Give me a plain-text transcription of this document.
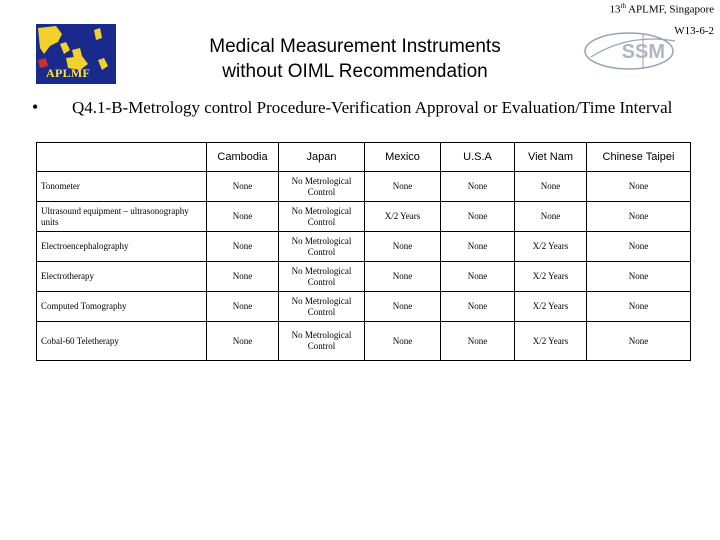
13th APLMF, Singapore
W13-6-2
APLMF
SSM
Medical Measurement Instruments
without OIML Recommendation
• Q4.1-B-Metrology control Procedure-Verification Approval or Evaluation/Time Interval
	Cambodia	Japan	Mexico	U.S.A	Viet Nam	Chinese Taipei
Tonometer	None	No Metrological Control	None	None	None	None
Ultrasound equipment – ultrasonography units	None	No Metrological Control	X/2 Years	None	None	None
Electroencephalography	None	No Metrological Control	None	None	X/2 Years	None
Electrotherapy	None	No Metrological Control	None	None	X/2 Years	None
Computed Tomography	None	No Metrological Control	None	None	X/2 Years	None
Cobal-60 Teletherapy	None	No Metrological Control	None	None	X/2 Years	None
